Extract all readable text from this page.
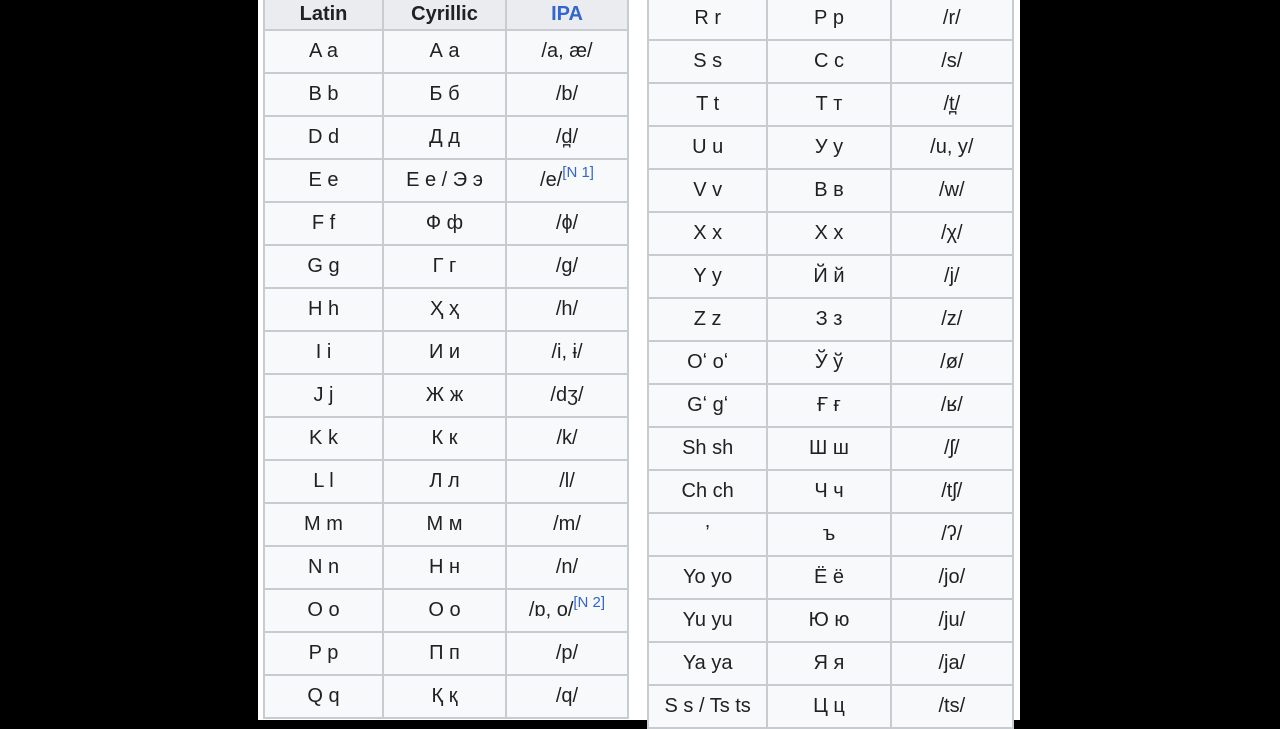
Latin	Cyrillic	IPA
A a	А а	/a, æ/
B b	Б б	/b/
D d	Д д	/d̪/
E e	Е е / Э э	/e/[N 1]
F f	Ф ф	/ɸ/
G g	Г г	/ɡ/
H h	Ҳ ҳ	/h/
I i	И и	/i, ɨ/
J j	Ж ж	/dʒ/
K k	К к	/k/
L l	Л л	/l/
M m	М м	/m/
N n	Н н	/n/
O o	О о	/ɒ, o/[N 2]
P p	П п	/p/
Q q	Қ қ	/q/
R r	Р р	/r/
S s	С с	/s/
T t	Т т	/t̪/
U u	У у	/u, y/
V v	В в	/w/
X x	Х х	/χ/
Y y	Й й	/j/
Z z	З з	/z/
Oʻ oʻ	Ў ў	/ø/
Gʻ gʻ	Ғ ғ	/ʁ/
Sh sh	Ш ш	/ʃ/
Ch ch	Ч ч	/tʃ/
ʼ	ъ	/ʔ/
Yo yo	Ё ё	/jo/
Yu yu	Ю ю	/ju/
Ya ya	Я я	/ja/
S s / Ts ts	Ц ц	/ts/
